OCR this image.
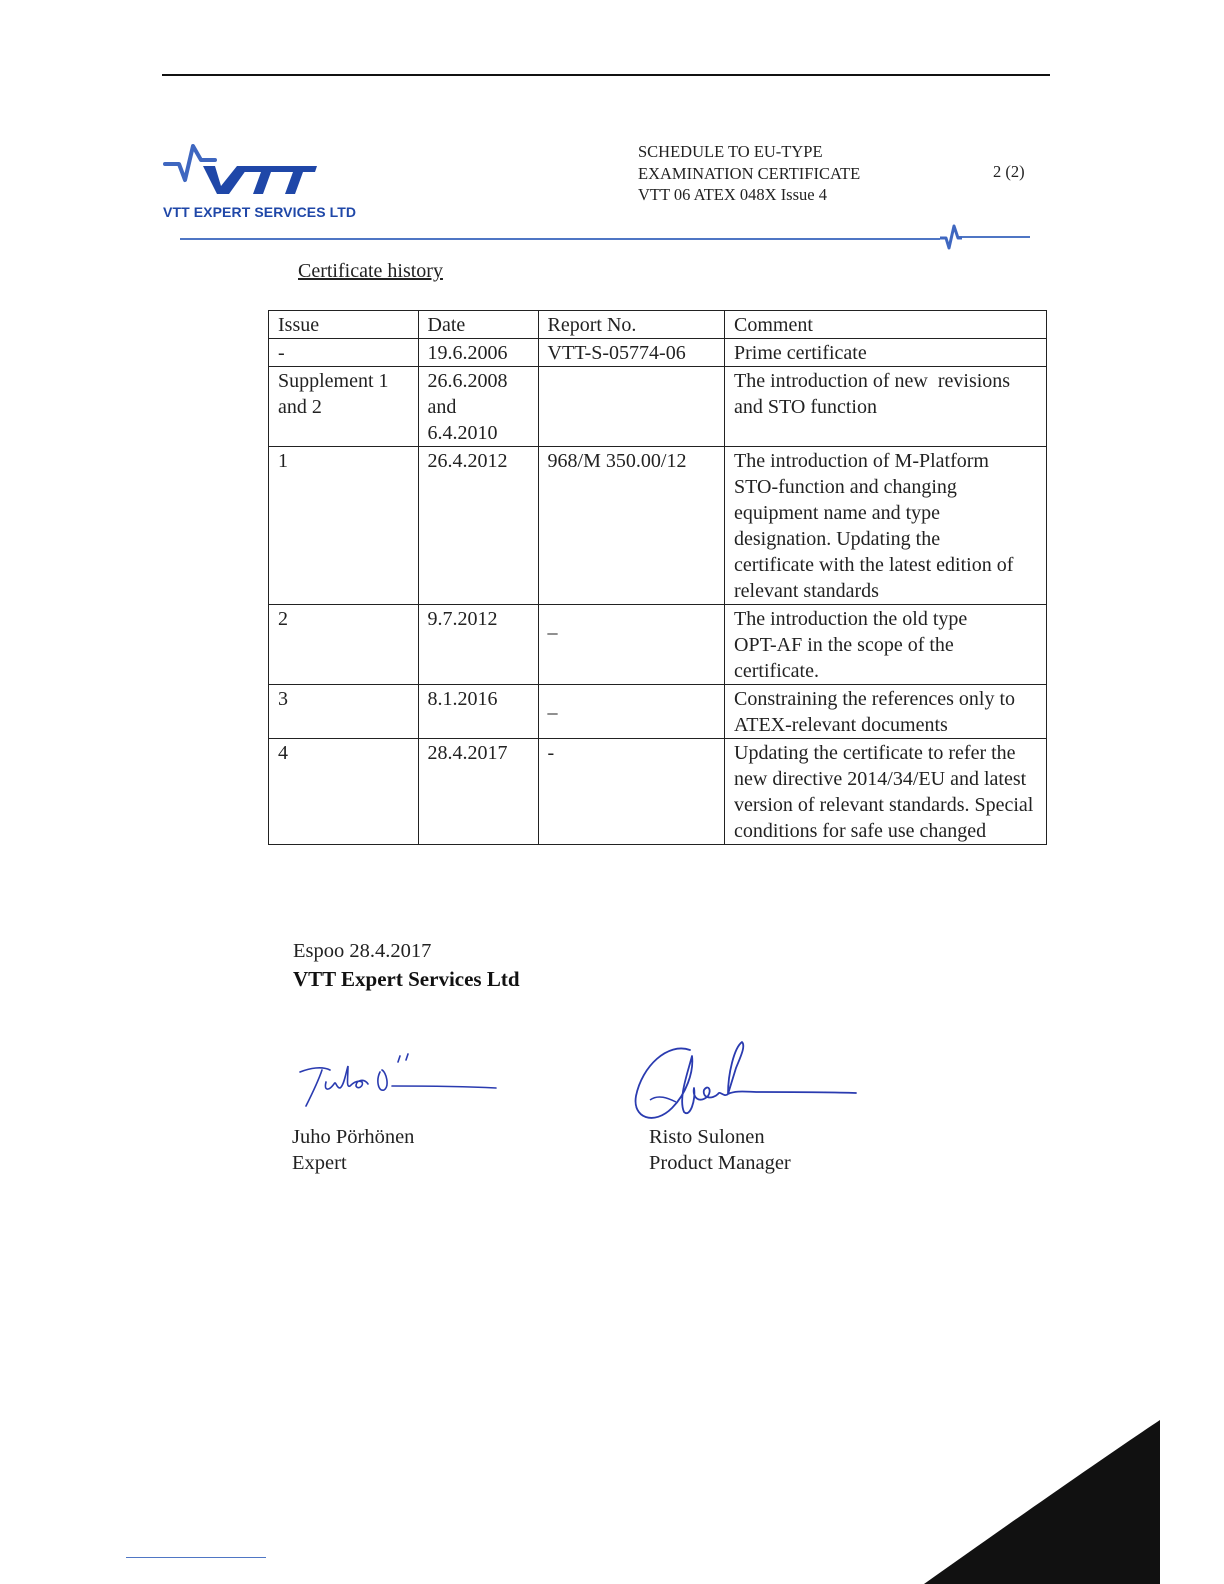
VTT EXPERT SERVICES LTD
SCHEDULE TO EU-TYPE
EXAMINATION CERTIFICATE
VTT 06 ATEX 048X Issue 4
2 (2)
Certificate history
Issue	Date	Report No.	Comment
-	19.6.2006	VTT-S-05774-06	Prime certificate
Supplement 1 and 2	26.6.2008 and 6.4.2010		The introduction of new  revisions and STO function
1	26.4.2012	968/M 350.00/12	The introduction of M-Platform STO-function and changing equipment name and type designation. Updating the certificate with the latest edition of relevant standards
2	9.7.2012	_	The introduction the old type OPT-AF in the scope of the certificate.
3	8.1.2016	_	Constraining the references only to ATEX-relevant documents
4	28.4.2017	-	Updating the certificate to refer the new directive 2014/34/EU and latest version of relevant standards. Special conditions for safe use changed
Espoo 28.4.2017
VTT Expert Services Ltd
Juho Pörhönen
Expert
Risto Sulonen
Product Manager
